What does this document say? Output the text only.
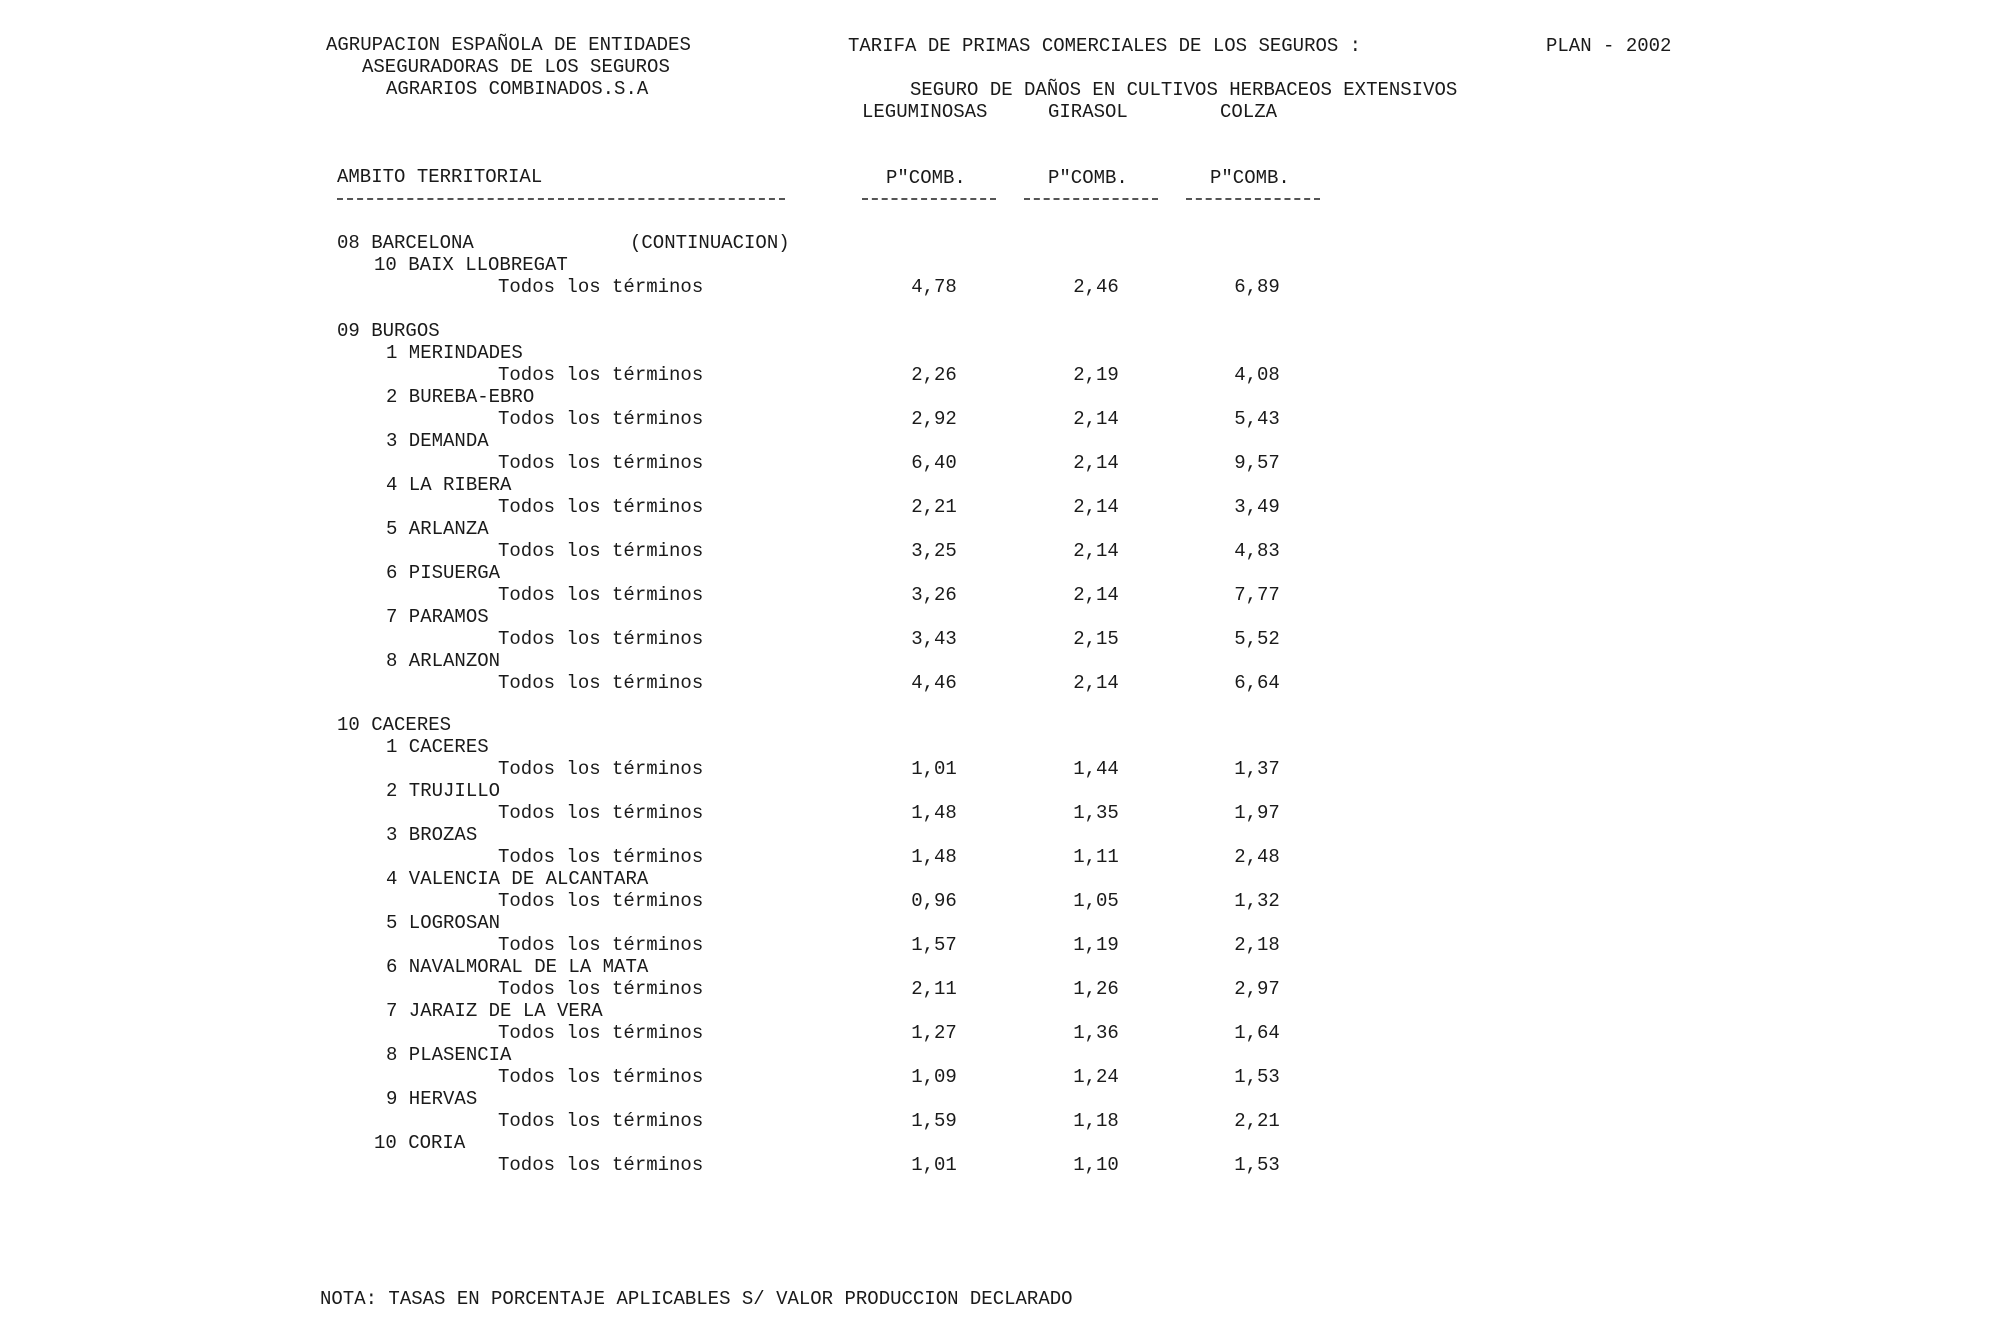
AGRUPACION ESPAÑOLA DE ENTIDADES
ASEGURADORAS DE LOS SEGUROS
AGRARIOS COMBINADOS.S.A
TARIFA DE PRIMAS COMERCIALES DE LOS SEGUROS :	PLAN - 2002
SEGURO DE DAÑOS EN CULTIVOS HERBACEOS EXTENSIVOS
LEGUMINOSAS	GIRASOL	COLZA
AMBITO TERRITORIAL	P"COMB.	P"COMB.	P"COMB.
08 BARCELONA	(CONTINUACION)
10 BAIX LLOBREGAT
Todos los términos	4,78	2,46	6,89
09 BURGOS
1 MERINDADES
Todos los términos	2,26	2,19	4,08
2 BUREBA-EBRO
Todos los términos	2,92	2,14	5,43
3 DEMANDA
Todos los términos	6,40	2,14	9,57
4 LA RIBERA
Todos los términos	2,21	2,14	3,49
5 ARLANZA
Todos los términos	3,25	2,14	4,83
6 PISUERGA
Todos los términos	3,26	2,14	7,77
7 PARAMOS
Todos los términos	3,43	2,15	5,52
8 ARLANZON
Todos los términos	4,46	2,14	6,64
10 CACERES
1 CACERES
Todos los términos	1,01	1,44	1,37
2 TRUJILLO
Todos los términos	1,48	1,35	1,97
3 BROZAS
Todos los términos	1,48	1,11	2,48
4 VALENCIA DE ALCANTARA
Todos los términos	0,96	1,05	1,32
5 LOGROSAN
Todos los términos	1,57	1,19	2,18
6 NAVALMORAL DE LA MATA
Todos los términos	2,11	1,26	2,97
7 JARAIZ DE LA VERA
Todos los términos	1,27	1,36	1,64
8 PLASENCIA
Todos los términos	1,09	1,24	1,53
9 HERVAS
Todos los términos	1,59	1,18	2,21
10 CORIA
Todos los términos	1,01	1,10	1,53
NOTA: TASAS EN PORCENTAJE APLICABLES S/ VALOR PRODUCCION DECLARADO
